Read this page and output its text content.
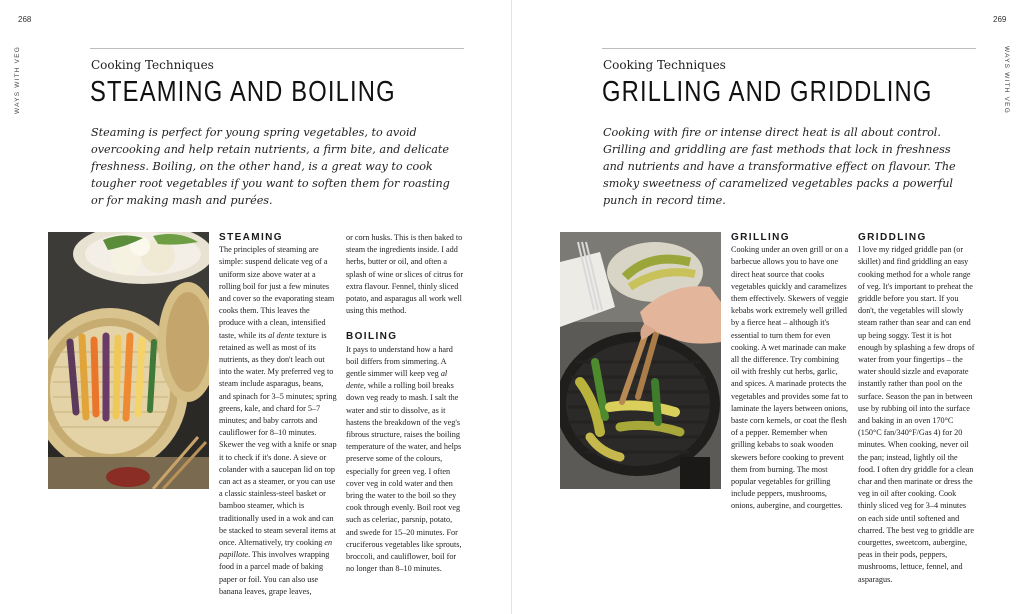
268
WAYS WITH VEG	Cooking Techniques
STEAMING AND BOILING

Steaming is perfect for young spring vegetables, to avoid overcooking and help retain nutrients, a firm bite, and delicate freshness. Boiling, on the other hand, is a great way to cook tougher root vegetables if you want to soften them for roasting or for making mash and purées.

STEAMING

The principles of steaming are simple: suspend delicate veg of a uniform size above water at a rolling boil for just a few minutes and cover so the evaporating steam cooks them. This leaves the produce with a clean, intensified taste, while its al dente texture is retained as well as most of its nutrients, as they don't leach out into the water. My preferred veg to steam include asparagus, beans, and spinach for 3–5 minutes; spring greens, kale, and chard for 5–7 minutes; and baby carrots and cauliflower for 8–10 minutes. Skewer the veg with a knife or snap it to check if it's done. A sieve or colander with a saucepan lid on top can act as a steamer, or you can use a classic stainless-steel basket or bamboo steamer, which is traditionally used in a wok and can be stacked to steam several items at once. Alternatively, try cooking en papillote. This involves wrapping food in a parcel made of baking paper or foil. You can also use banana leaves, grape leaves,

or corn husks. This is then baked to steam the ingredients inside. I add herbs, butter or oil, and often a splash of wine or slices of citrus for extra flavour. Fennel, thinly sliced potato, and asparagus all work well using this method.

BOILING

It pays to understand how a hard boil differs from simmering. A gentle simmer will keep veg al dente, while a rolling boil breaks down veg ready to mash. I salt the water and stir to dissolve, as it hastens the breakdown of the veg's fibrous structure, raises the boiling temperature of the water, and helps preserve some of the colours, especially for green veg. I often cover veg in cold water and then bring the water to the boil so they cook through evenly. Boil root veg such as celeriac, parsnip, potato, and swede for 15–20 minutes. For cruciferous vegetables like sprouts, broccoli, and cauliflower, boil for no longer than 8–10 minutes.

269
WAYS WITH VEG
Cooking Techniques
GRILLING AND GRIDDLING

Cooking with fire or intense direct heat is all about control. Grilling and griddling are fast methods that lock in freshness and nutrients and have a transformative effect on flavour. The smoky sweetness of caramelized vegetables packs a powerful punch in record time.

GRILLING

Cooking under an oven grill or on a barbecue allows you to have one direct heat source that cooks vegetables quickly and caramelizes them effectively. Skewers of veggie kebabs work extremely well grilled by a fierce heat – although it's essential to turn them for even cooking. A wet marinade can make all the difference. Try combining oil with freshly cut herbs, garlic, and spices. A marinade protects the vegetables and provides some fat to laminate the layers between onions, baste corn kernels, or coat the flesh of a pepper. Remember when grilling kebabs to soak wooden skewers before cooking to prevent them from burning. The most popular vegetables for grilling include peppers, mushrooms, onions, aubergine, and courgettes.

GRIDDLING

I love my ridged griddle pan (or skillet) and find griddling an easy cooking method for a whole range of veg. It's important to preheat the griddle before you start. If you don't, the vegetables will slowly steam rather than sear and can end up being soggy. Test it is hot enough by splashing a few drops of water from your fingertips – the water should sizzle and evaporate instantly rather than pool on the surface. Season the pan in between use by rubbing oil into the surface and baking in an oven 170°C (150°C fan/340°F/Gas 4) for 20 minutes. When cooking, never oil the pan; instead, lightly oil the food. I often dry griddle for a clean char and then marinate or dress the veg in oil after cooking. Cook thinly sliced veg for 3–4 minutes on each side until softened and charred. The best veg to griddle are courgettes, sweetcorn, aubergine, peas in their pods, peppers, mushrooms, lettuce, fennel, and asparagus.
